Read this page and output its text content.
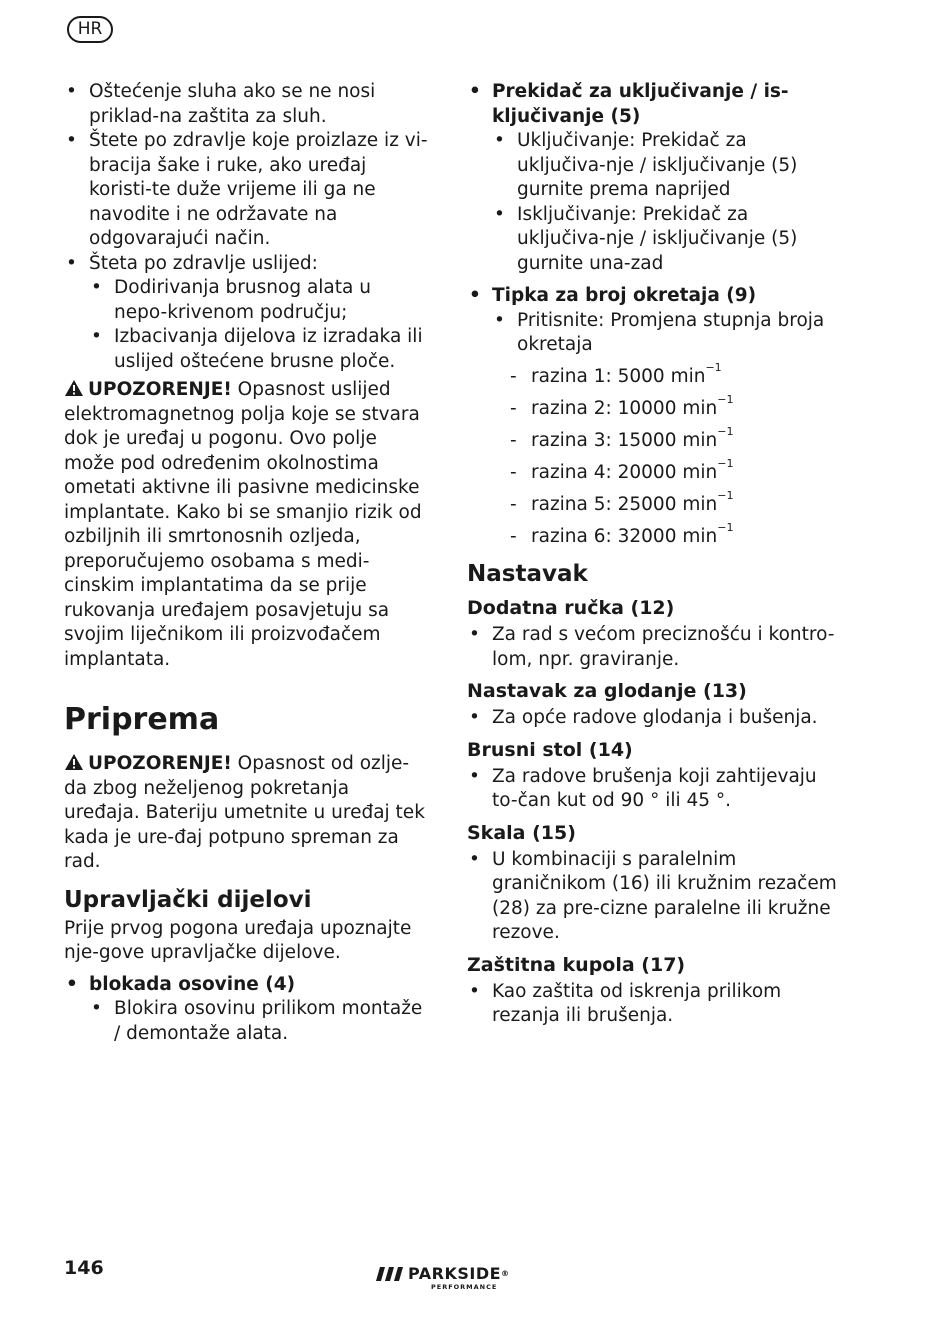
HR

• Oštećenje sluha ako se ne nosi priklad-na zaštita za sluh.

• Štete po zdravlje koje proizlaze iz vi-bracija šake i ruke, ako uređaj koristi-te duže vrijeme ili ga ne navodite i ne održavate na odgovarajući način.

• Šteta po zdravlje uslijed:

• Dodirivanja brusnog alata u nepo-krivenom području;

• Izbacivanja dijelova iz izradaka ili uslijed oštećene brusne ploče.

UPOZORENJE! Opasnost uslijed elektromagnetnog polja koje se stvara dok je uređaj u pogonu. Ovo polje može pod određenim okolnostima ometati aktivne ili pasivne medicinske implantate. Kako bi se smanjio rizik od ozbiljnih ili smrtonosnih ozljeda, preporučujemo osobama s medi-cinskim implantatima da se prije rukovanja uređajem posavjetuju sa svojim liječnikom ili proizvođačem implantata.

Priprema

UPOZORENJE! Opasnost od ozlje-da zbog neželjenog pokretanja uređaja. Bateriju umetnite u uređaj tek kada je ure-đaj potpuno spreman za rad.

Upravljački dijelovi

Prije prvog pogona uređaja upoznajte nje-gove upravljačke dijelove.

• blokada osovine (4)

• Blokira osovinu prilikom montaže / demontaže alata.

• Prekidač za uključivanje / is-ključivanje (5)

• Uključivanje: Prekidač za uključiva-nje / isključivanje (5) gurnite prema naprijed

• Isključivanje: Prekidač za uključiva-nje / isključivanje (5) gurnite una-zad

• Tipka za broj okretaja (9)

• Pritisnite: Promjena stupnja broja okretaja

- razina 1: 5000 $\min^{-1}$

- razina 2: 10000 $\min^{-1}$

- razina 3: 15000 $\min^{-1}$

- razina 4: 20000 $\min^{-1}$

- razina 5: 25000 $\min^{-1}$

- razina 6: 32000 $\min^{-1}$

Nastavak
Dodatna ručka (12)

• Za rad s većom preciznošću i kontro-lom, npr. graviranje.

Nastavak za glodanje (13)

• Za opće radove glodanja i bušenja.

Brusni stol (14)

• Za radove brušenja koji zahtijevaju to-čan kut od 90 ° ili 45 °.

Skala (15)

• U kombinaciji s paralelnim graničnikom (16) ili kružnim rezačem (28) za pre-cizne paralelne ili kružne rezove.

Zaštitna kupola (17)

• Kao zaštita od iskrenja prilikom rezanja ili brušenja.

146	PARKSIDE®
PERFORMANCE
